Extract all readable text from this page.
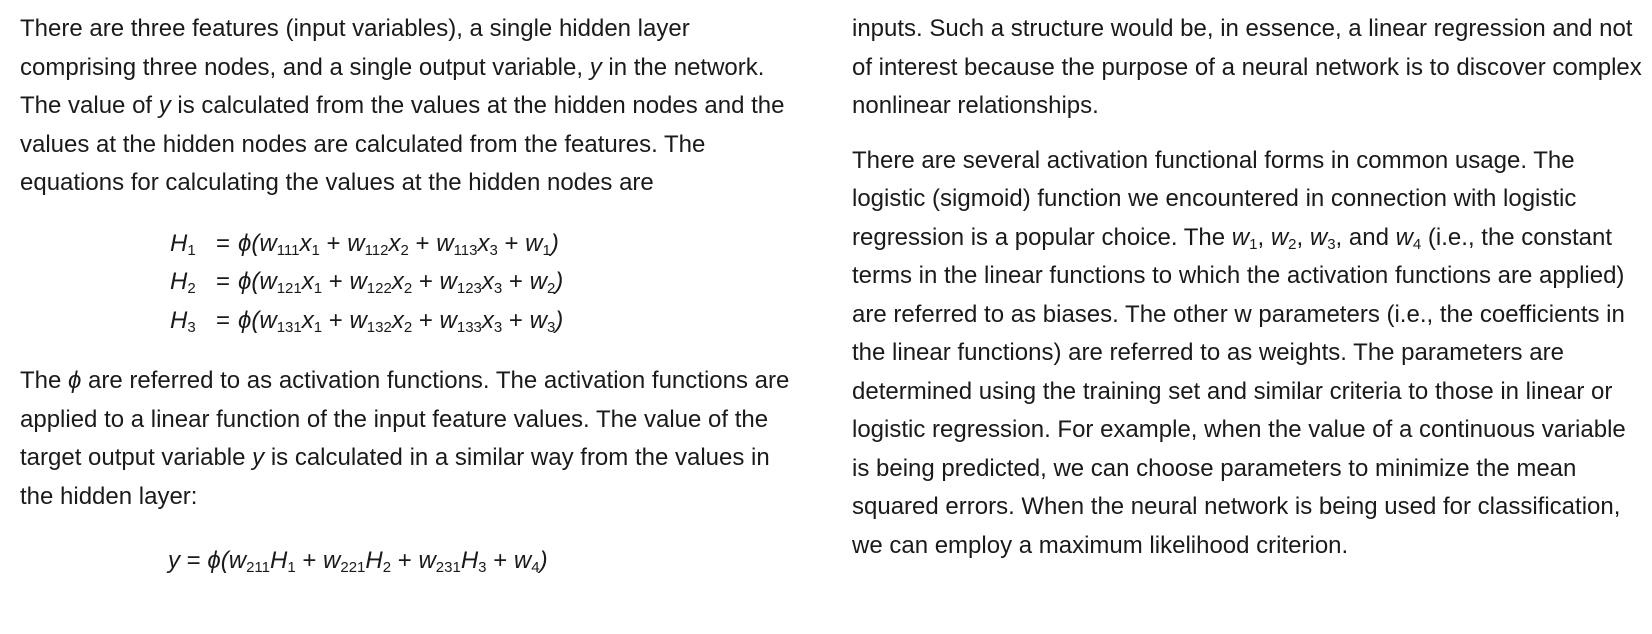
There are three features (input variables), a single hidden layer comprising three nodes, and a single output variable, y in the network. The value of y is calculated from the values at the hidden nodes and the values at the hidden nodes are calculated from the features. The equations for calculating the values at the hidden nodes are

$H_1 = \phi(w_{111}x_1 + w_{112}x_2 + w_{113}x_3 + w_1)$
$H_2 = \phi(w_{121}x_1 + w_{122}x_2 + w_{123}x_3 + w_2)$
$H_3 = \phi(w_{131}x_1 + w_{132}x_2 + w_{133}x_3 + w_3)$

The ϕ are referred to as activation functions. The activation functions are applied to a linear function of the input feature values. The value of the target output variable y is calculated in a similar way from the values in the hidden layer:

$y = \phi(w_{211}H_1 + w_{221}H_2 + w_{231}H_3 + w_4)$

inputs. Such a structure would be, in essence, a linear regression and not of interest because the purpose of a neural network is to discover complex nonlinear relationships.

There are several activation functional forms in common usage. The logistic (sigmoid) function we encountered in connection with logistic regression is a popular choice. The $w_1$, $w_2$, $w_3$, and $w_4$ (i.e., the constant terms in the linear functions to which the activation functions are applied) are referred to as biases. The other w parameters (i.e., the coefficients in the linear functions) are referred to as weights. The parameters are determined using the training set and similar criteria to those in linear or logistic regression. For example, when the value of a continuous variable is being predicted, we can choose parameters to minimize the mean squared errors. When the neural network is being used for classification, we can employ a maximum likelihood criterion.
